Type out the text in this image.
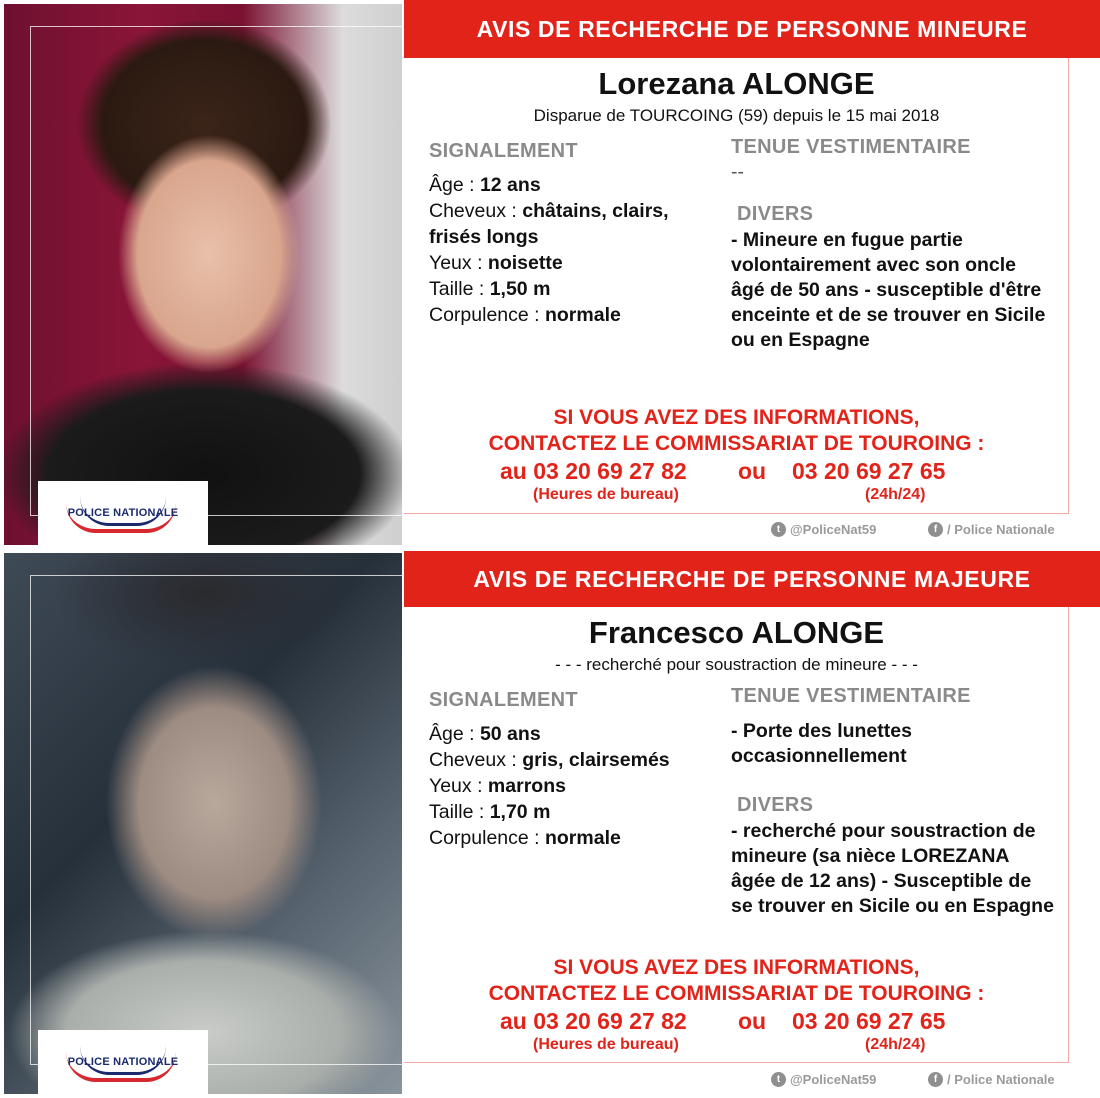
POLICE NATIONALE
AVIS DE RECHERCHE DE PERSONNE MINEURE
Lorezana ALONGE
Disparue de TOURCOING (59) depuis le 15 mai 2018
SIGNALEMENT
Âge : 12 ans
Cheveux : châtains, clairs, frisés longs
Yeux : noisette
Taille : 1,50 m
Corpulence : normale
TENUE VESTIMENTAIRE
--
DIVERS
- Mineure en fugue partie volontairement avec son oncle âgé de 50 ans - susceptible d'être enceinte et de se trouver en Sicile ou en Espagne
SI VOUS AVEZ DES INFORMATIONS,
CONTACTEZ LE COMMISSARIAT DE TOUROING :
au 03 20 69 27 82 ou 03 20 69 27 65
(Heures de bureau)	(24h/24)
t @PoliceNat59	f / Police Nationale
POLICE NATIONALE
AVIS DE RECHERCHE DE PERSONNE MAJEURE
Francesco ALONGE
- - - recherché pour soustraction de mineure - - -
SIGNALEMENT
Âge : 50 ans
Cheveux : gris, clairsemés
Yeux : marrons
Taille : 1,70 m
Corpulence : normale
TENUE VESTIMENTAIRE
- Porte des lunettes occasionnellement
DIVERS
- recherché pour soustraction de mineure (sa nièce LOREZANA âgée de 12 ans) - Susceptible de se trouver en Sicile ou en Espagne
SI VOUS AVEZ DES INFORMATIONS,
CONTACTEZ LE COMMISSARIAT DE TOUROING :
au 03 20 69 27 82 ou 03 20 69 27 65
(Heures de bureau)	(24h/24)
t @PoliceNat59	f / Police Nationale
